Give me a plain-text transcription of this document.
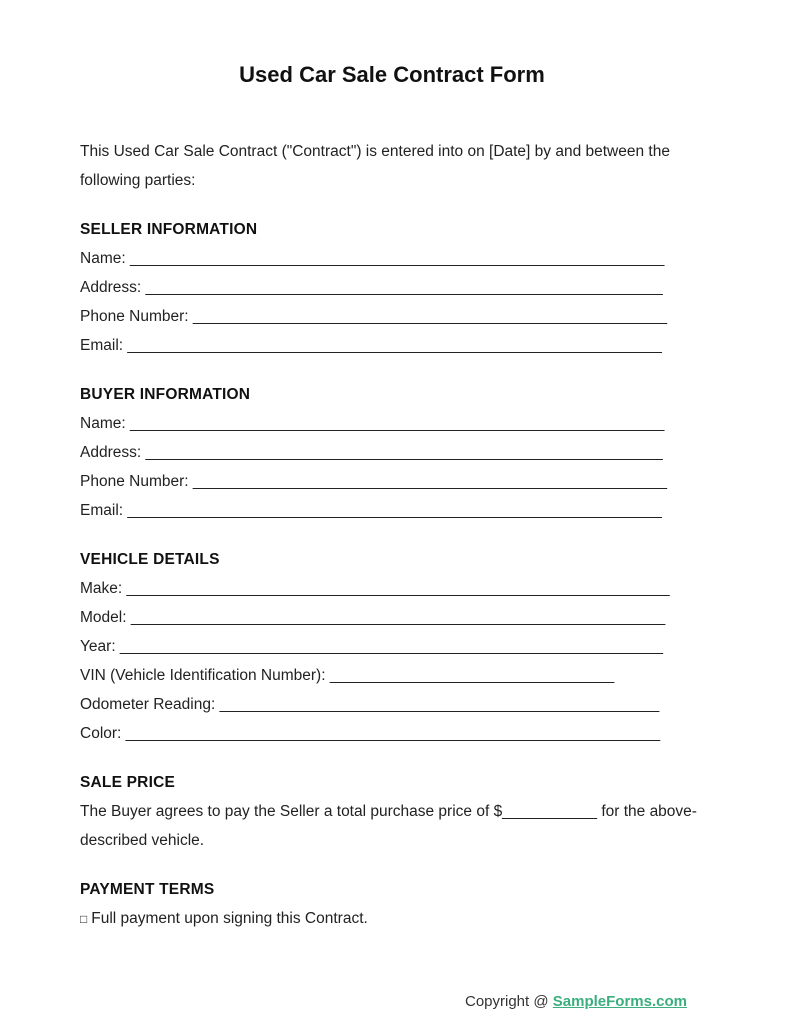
Used Car Sale Contract Form

This Used Car Sale Contract ("Contract") is entered into on [Date] by and between the following parties:

SELLER INFORMATION

Name: ______________________________________________________________

Address: ____________________________________________________________

Phone Number: _______________________________________________________

Email: ______________________________________________________________

BUYER INFORMATION

Name: ______________________________________________________________

Address: ____________________________________________________________

Phone Number: _______________________________________________________

Email: ______________________________________________________________

VEHICLE DETAILS

Make: _______________________________________________________________

Model: ______________________________________________________________

Year: _______________________________________________________________

VIN (Vehicle Identification Number): _________________________________

Odometer Reading: ___________________________________________________

Color: ______________________________________________________________

SALE PRICE

The Buyer agrees to pay the Seller a total purchase price of $___________ for the above-described vehicle.

PAYMENT TERMS

□ Full payment upon signing this Contract.

Copyright @ SampleForms.com
